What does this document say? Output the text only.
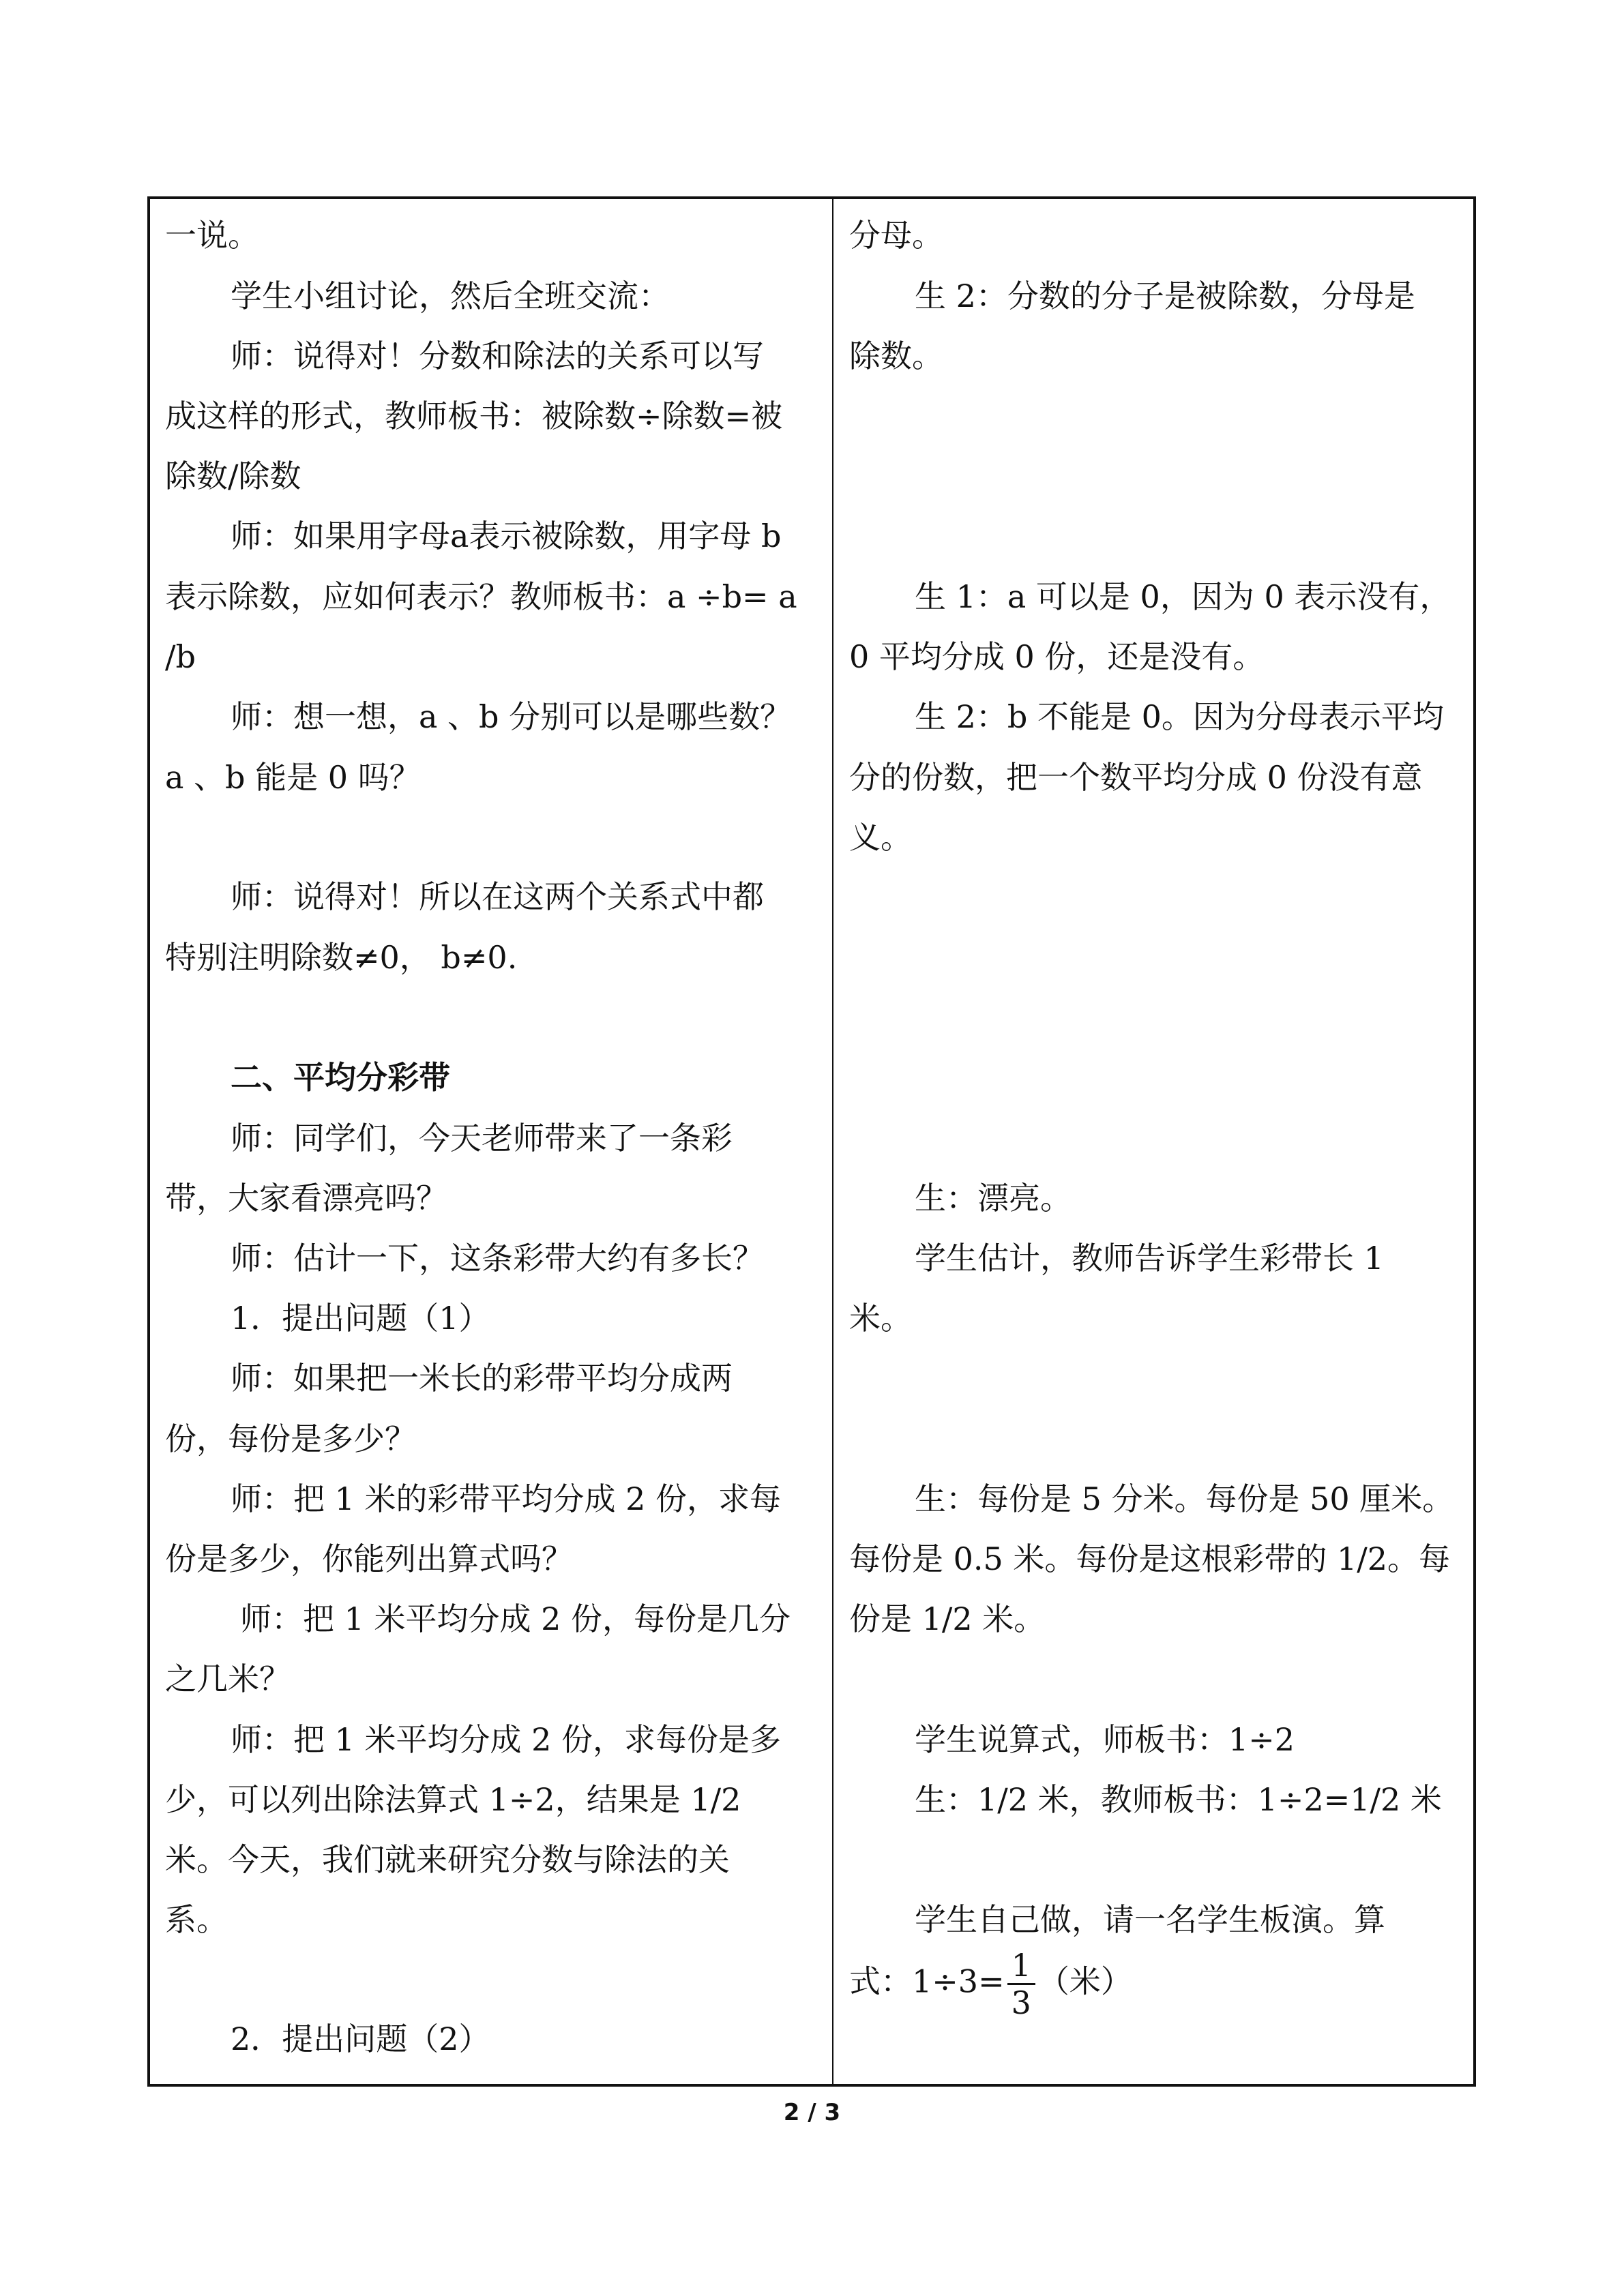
一说。
学生小组讨论，然后全班交流：
师：说得对！分数和除法的关系可以写
成这样的形式，教师板书：被除数÷除数=被
除数/除数
师：如果用字母a表示被除数，用字母 b
表示除数，应如何表示？教师板书：a ÷b= a
/b
师：想一想，a 、b 分别可以是哪些数？
a 、b 能是 0 吗？
师：说得对！所以在这两个关系式中都
特别注明除数≠0， b≠0.
二、平均分彩带
师：同学们，今天老师带来了一条彩
带，大家看漂亮吗？
师：估计一下，这条彩带大约有多长？
1．提出问题（1）
师：如果把一米长的彩带平均分成两
份，每份是多少？
师：把 1 米的彩带平均分成 2 份，求每
份是多少，你能列出算式吗？
师：把 1 米平均分成 2 份，每份是几分
之几米？
师：把 1 米平均分成 2 份，求每份是多
少，可以列出除法算式 1÷2，结果是 1/2
米。今天，我们就来研究分数与除法的关
系。
2．提出问题（2）
分母。
生 2：分数的分子是被除数，分母是
除数。
生 1：a 可以是 0，因为 0 表示没有，
0 平均分成 0 份，还是没有。
生 2：b 不能是 0。因为分母表示平均
分的份数，把一个数平均分成 0 份没有意
义。
生：漂亮。
学生估计，教师告诉学生彩带长 1
米。
生：每份是 5 分米。每份是 50 厘米。
每份是 0.5 米。每份是这根彩带的 1/2。每
份是 1/2 米。
学生说算式，师板书：1÷2
生：1/2 米，教师板书：1÷2=1/2 米
学生自己做，请一名学生板演。算
式：$1\div 3= \frac{1}{3}$ （米）
2 / 3
